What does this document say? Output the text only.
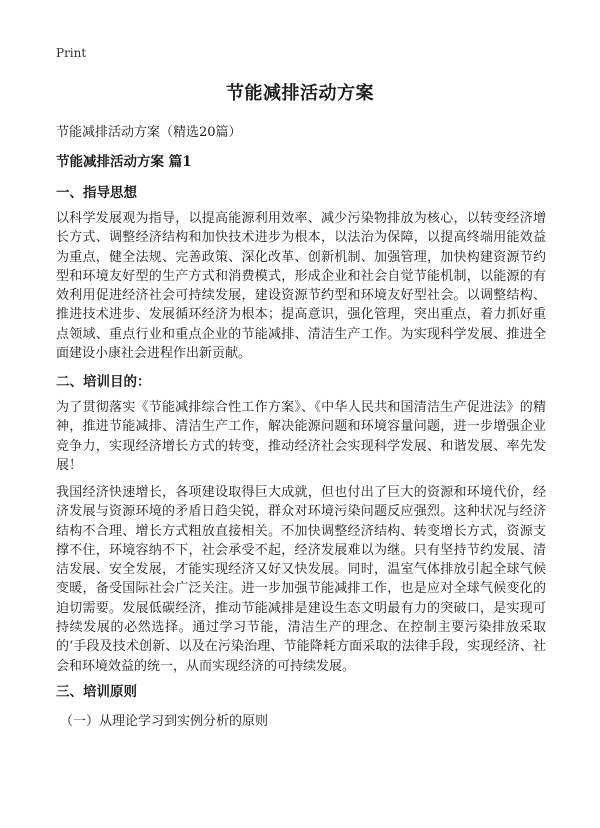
Print
节能减排活动方案

节能减排活动方案（精选20篇）

节能减排活动方案 篇1
一、指导思想

以科学发展观为指导，以提高能源利用效率、减少污染物排放为核心，以转变经济增长方式、调整经济结构和加快技术进步为根本，以法治为保障，以提高终端用能效益为重点，健全法规、完善政策、深化改革、创新机制、加强管理，加快构建资源节约型和环境友好型的生产方式和消费模式，形成企业和社会自觉节能机制，以能源的有效利用促进经济社会可持续发展，建设资源节约型和环境友好型社会。以调整结构、推进技术进步、发展循环经济为根本；提高意识，强化管理，突出重点，着力抓好重点领域、重点行业和重点企业的节能减排、清洁生产工作。为实现科学发展、推进全面建设小康社会进程作出新贡献。

二、培训目的：

为了贯彻落实《节能减排综合性工作方案》、《中华人民共和国清洁生产促进法》的精神，推进节能减排、清洁生产工作，解决能源问题和环境容量问题，进一步增强企业竞争力，实现经济增长方式的转变，推动经济社会实现科学发展、和谐发展、率先发展！

我国经济快速增长，各项建设取得巨大成就，但也付出了巨大的资源和环境代价，经济发展与资源环境的矛盾日趋尖锐，群众对环境污染问题反应强烈。这种状况与经济结构不合理、增长方式粗放直接相关。不加快调整经济结构、转变增长方式，资源支撑不住，环境容纳不下，社会承受不起，经济发展难以为继。只有坚持节约发展、清洁发展、安全发展，才能实现经济又好又快发展。同时，温室气体排放引起全球气候变暖，备受国际社会广泛关注。进一步加强节能减排工作，也是应对全球气候变化的迫切需要。发展低碳经济，推动节能减排是建设生态文明最有力的突破口，是实现可持续发展的必然选择。通过学习节能，清洁生产的理念、在控制主要污染排放采取的‘手段及技术创新、以及在污染治理、节能降耗方面采取的法律手段，实现经济、社会和环境效益的统一，从而实现经济的可持续发展。

三、培训原则

（一）从理论学习到实例分析的原则
